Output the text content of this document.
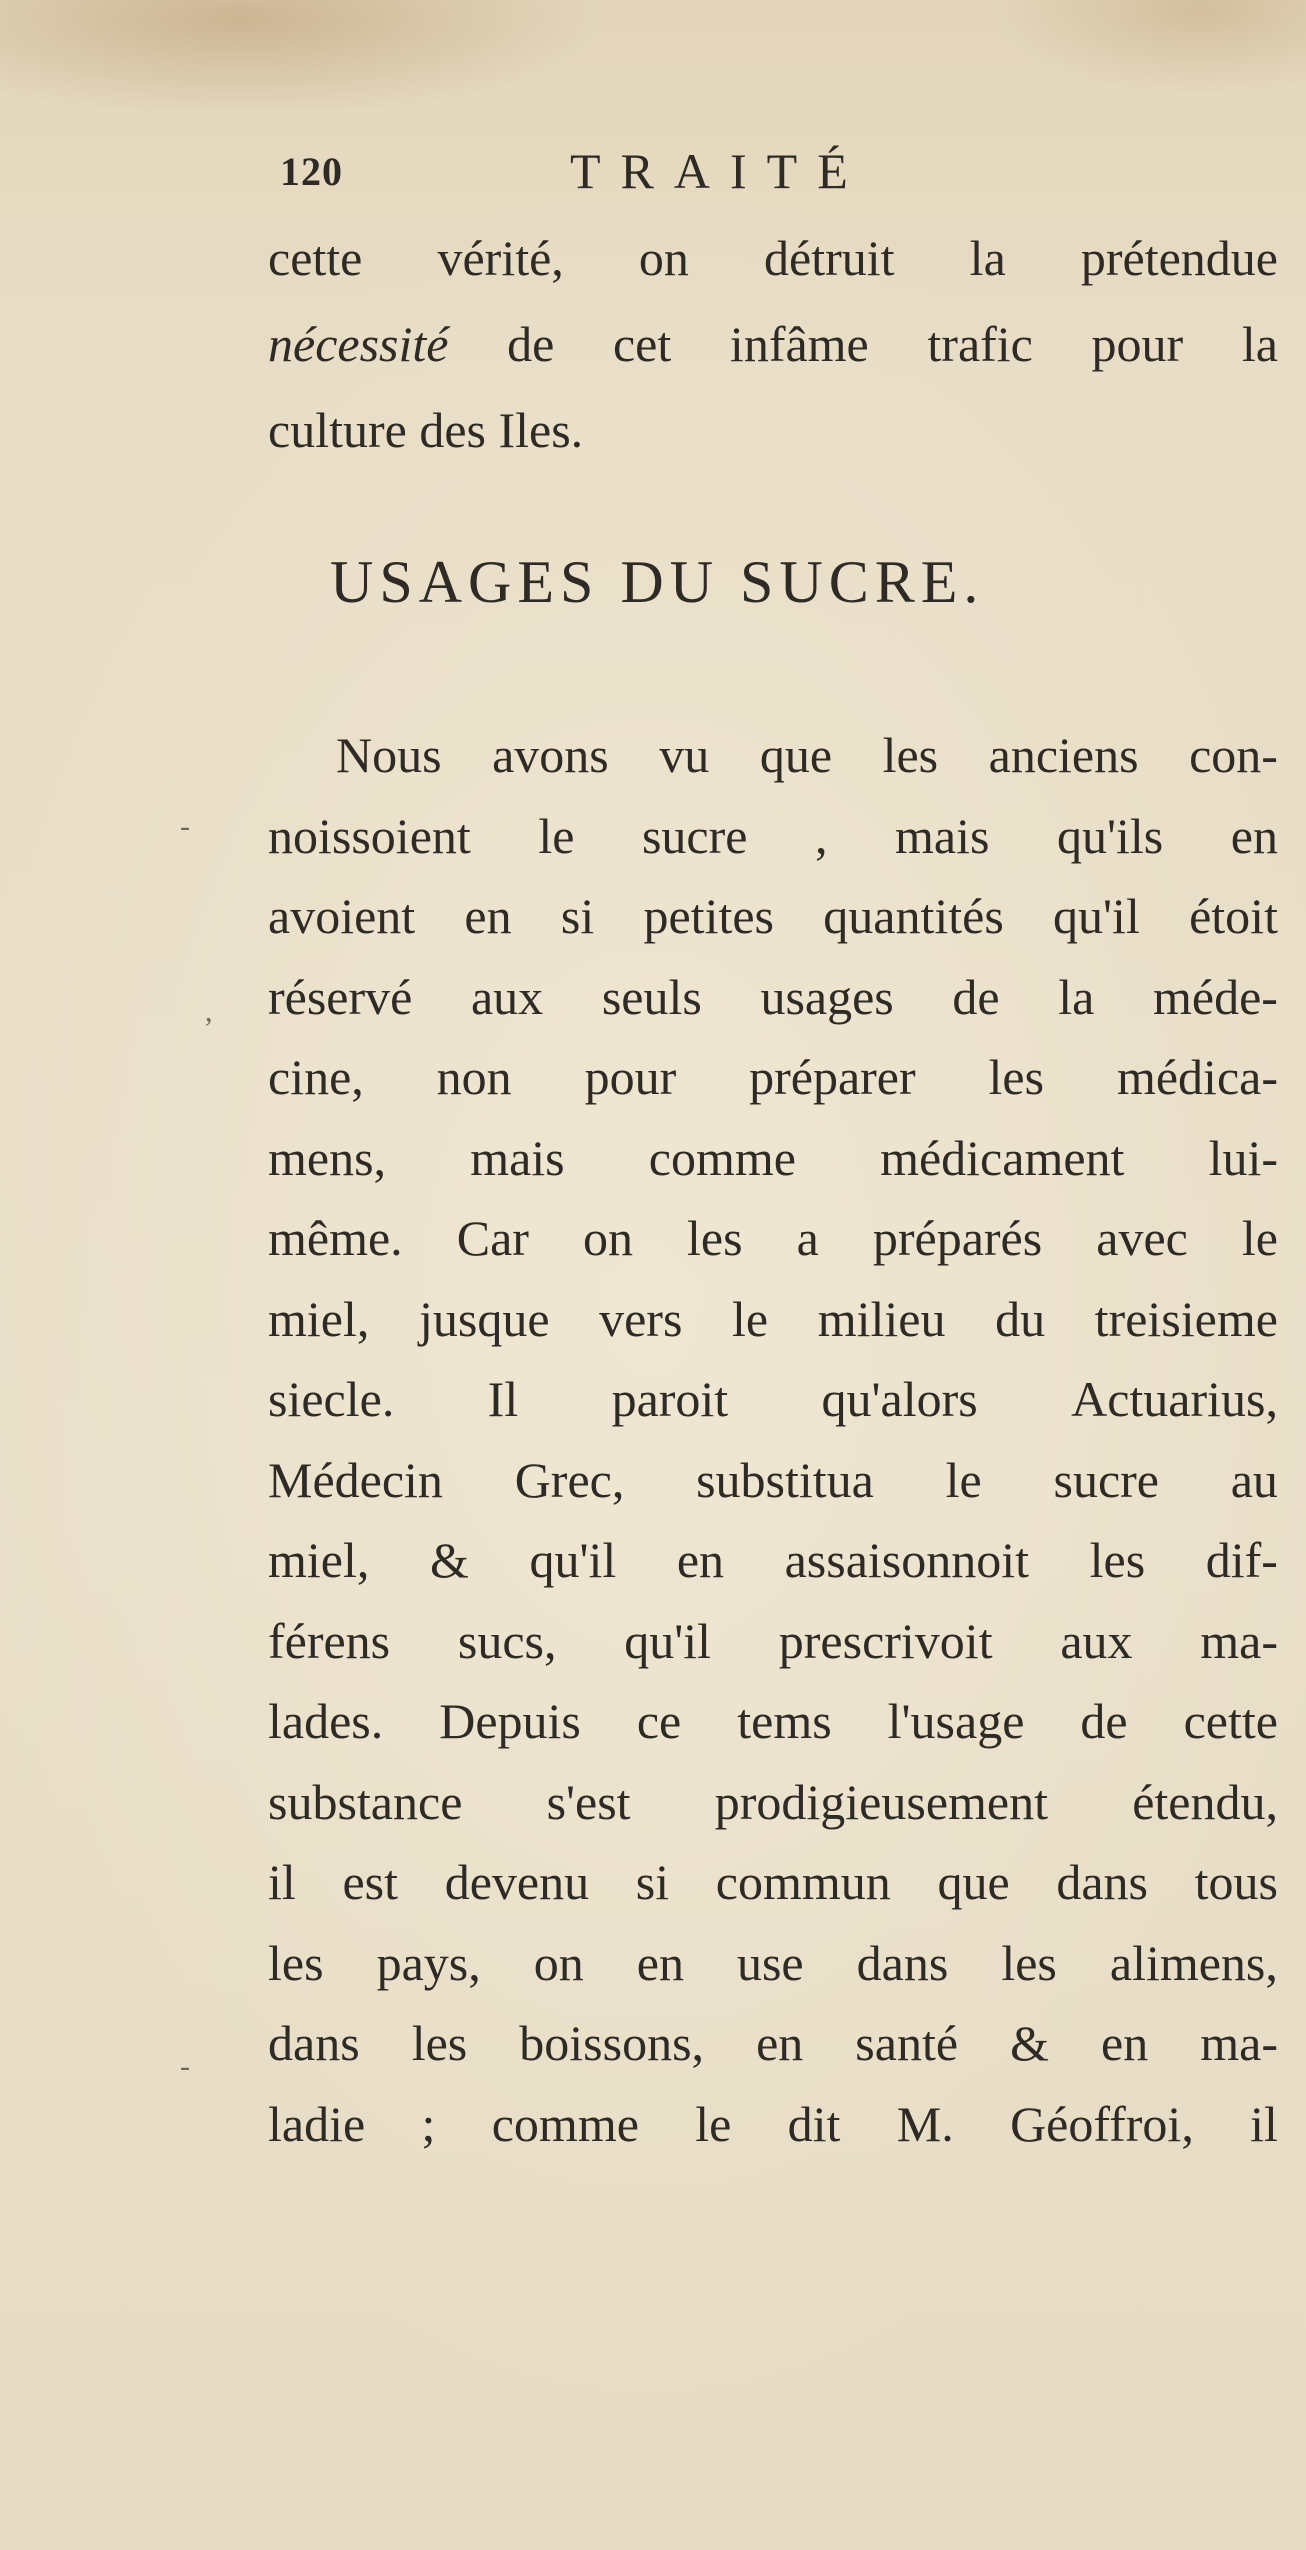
120	TRAITÉ
cette vérité, on détruit la prétendue
nécessité de cet infâme trafic pour la
culture
des
Iles.
USAGES DU SUCRE.
Nous avons vu que les anciens con-
noissoient le sucre , mais qu'ils en
avoient en si petites quantités qu'il étoit
réservé aux seuls usages de la méde-
cine, non pour préparer les médica-
mens, mais comme médicament lui-
même. Car on les a préparés avec le
miel, jusque vers le milieu du treisieme
siecle. Il paroit qu'alors Actuarius,
Médecin Grec, substitua le sucre au
miel, & qu'il en assaisonnoit les dif-
férens sucs, qu'il prescrivoit aux ma-
lades. Depuis ce tems l'usage de cette
substance s'est prodigieusement étendu,
il est devenu si commun que dans tous
les pays, on en use dans les alimens,
dans les boissons, en santé & en ma-
ladie ; comme le dit M. Géoffroi, il
-
,
-
